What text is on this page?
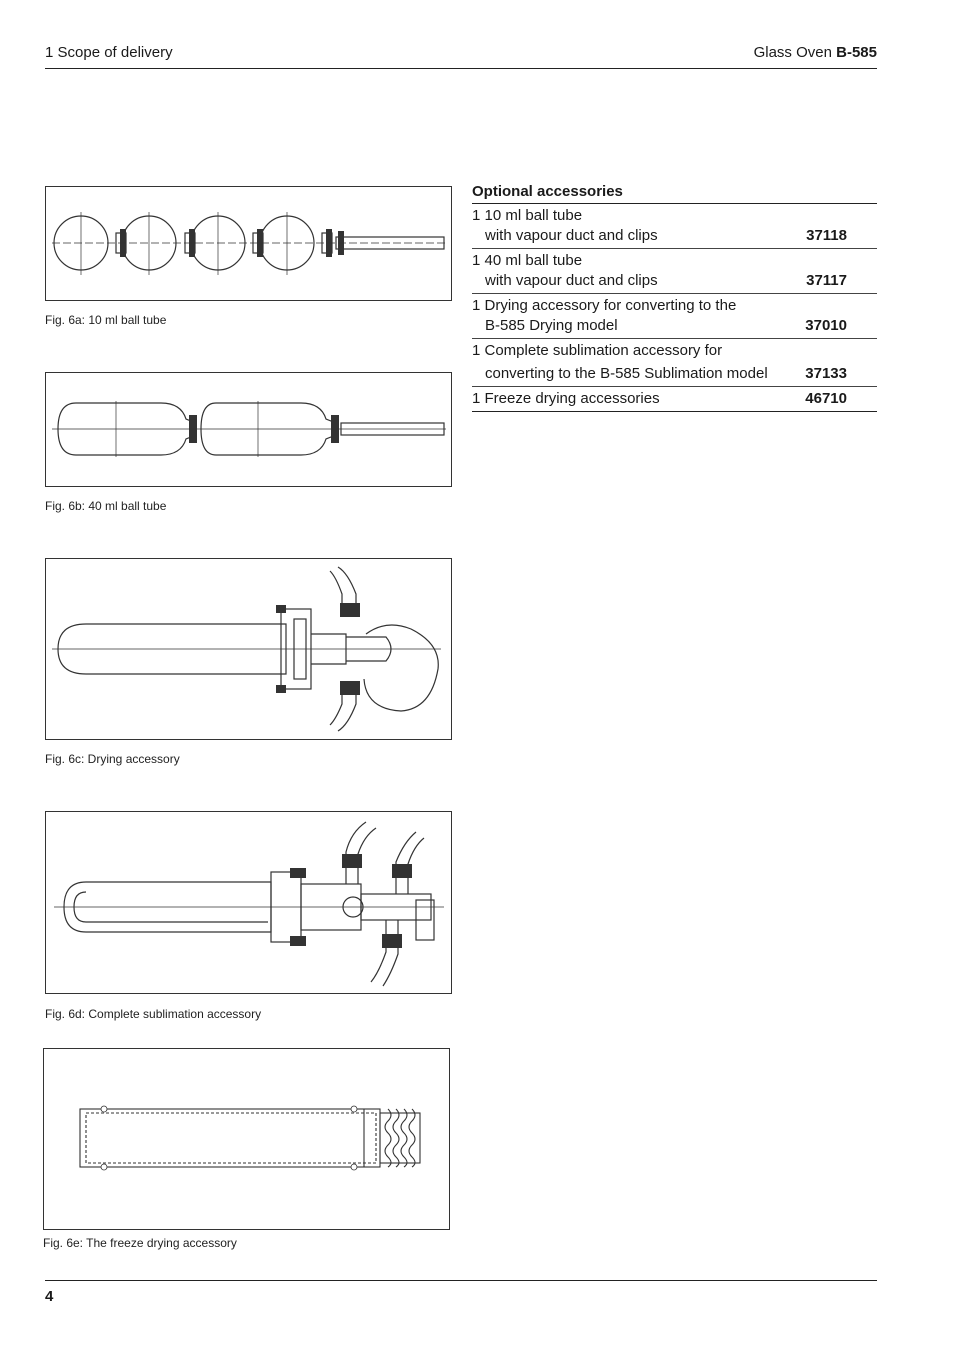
1 Scope of delivery	Glass Oven B-585
Fig. 6a: 10 ml ball tube
Fig. 6b: 40 ml ball tube
Fig. 6c: Drying accessory
Fig. 6d: Complete sublimation accessory
Fig. 6e: The freeze drying accessory
Optional accessories
1 10 ml ball tube
with vapour duct and clips	37118
1 40 ml ball tube
with vapour duct and clips	37117
1 Drying accessory for converting to the
B-585 Drying model	37010
1 Complete sublimation accessory for
converting to the B-585 Sublimation model	37133
1 Freeze drying accessories	46710
4
